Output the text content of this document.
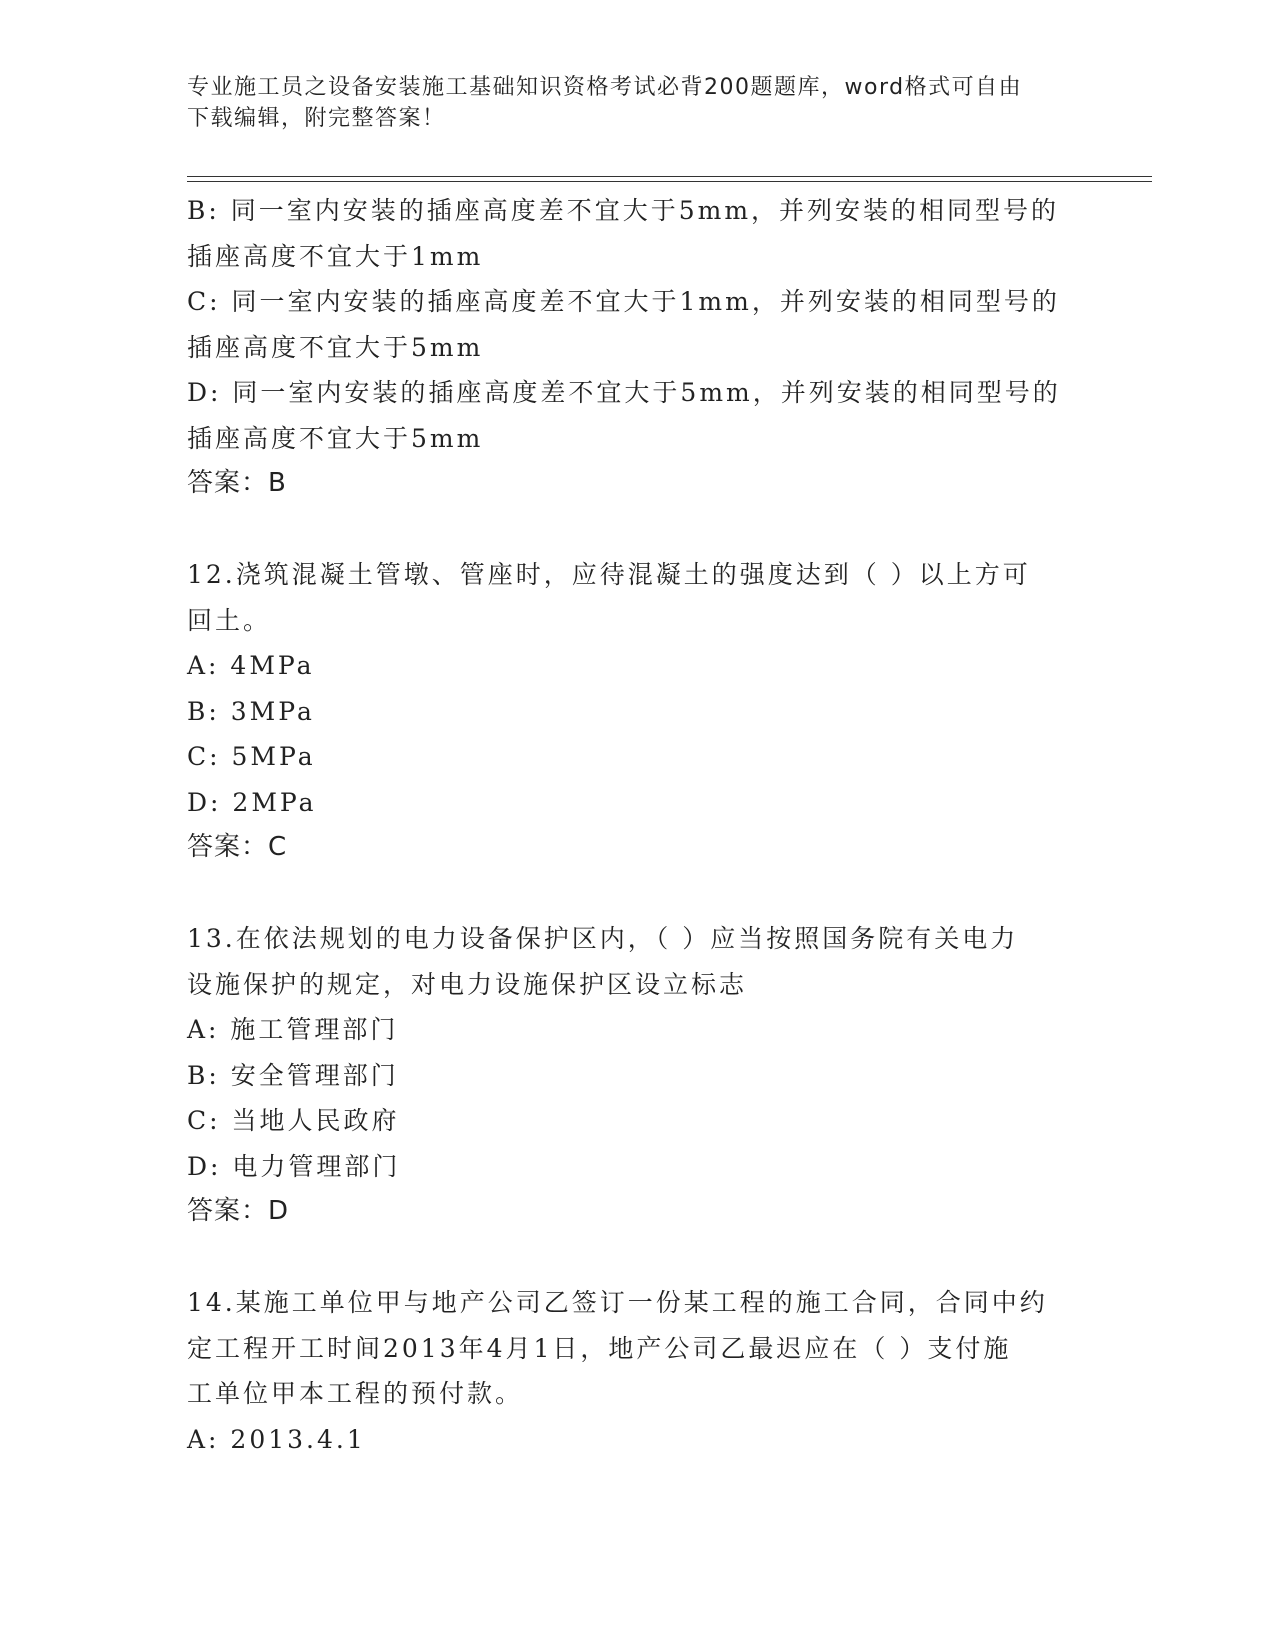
专业施工员之设备安装施工基础知识资格考试必背200题题库，word格式可自由
下载编辑，附完整答案！

B: 同一室内安装的插座高度差不宜大于5mm，并列安装的相同型号的

插座高度不宜大于1mm

C: 同一室内安装的插座高度差不宜大于1mm，并列安装的相同型号的

插座高度不宜大于5mm

D: 同一室内安装的插座高度差不宜大于5mm，并列安装的相同型号的

插座高度不宜大于5mm

答案：B

12.浇筑混凝土管墩、管座时，应待混凝土的强度达到（ ）以上方可

回土。

A: 4MPa

B: 3MPa

C: 5MPa

D: 2MPa

答案：C

13.在依法规划的电力设备保护区内，（ ）应当按照国务院有关电力

设施保护的规定，对电力设施保护区设立标志

A: 施工管理部门

B: 安全管理部门

C: 当地人民政府

D: 电力管理部门

答案：D

14.某施工单位甲与地产公司乙签订一份某工程的施工合同，合同中约

定工程开工时间2013年4月1日，地产公司乙最迟应在（ ）支付施

工单位甲本工程的预付款。

A: 2013.4.1
